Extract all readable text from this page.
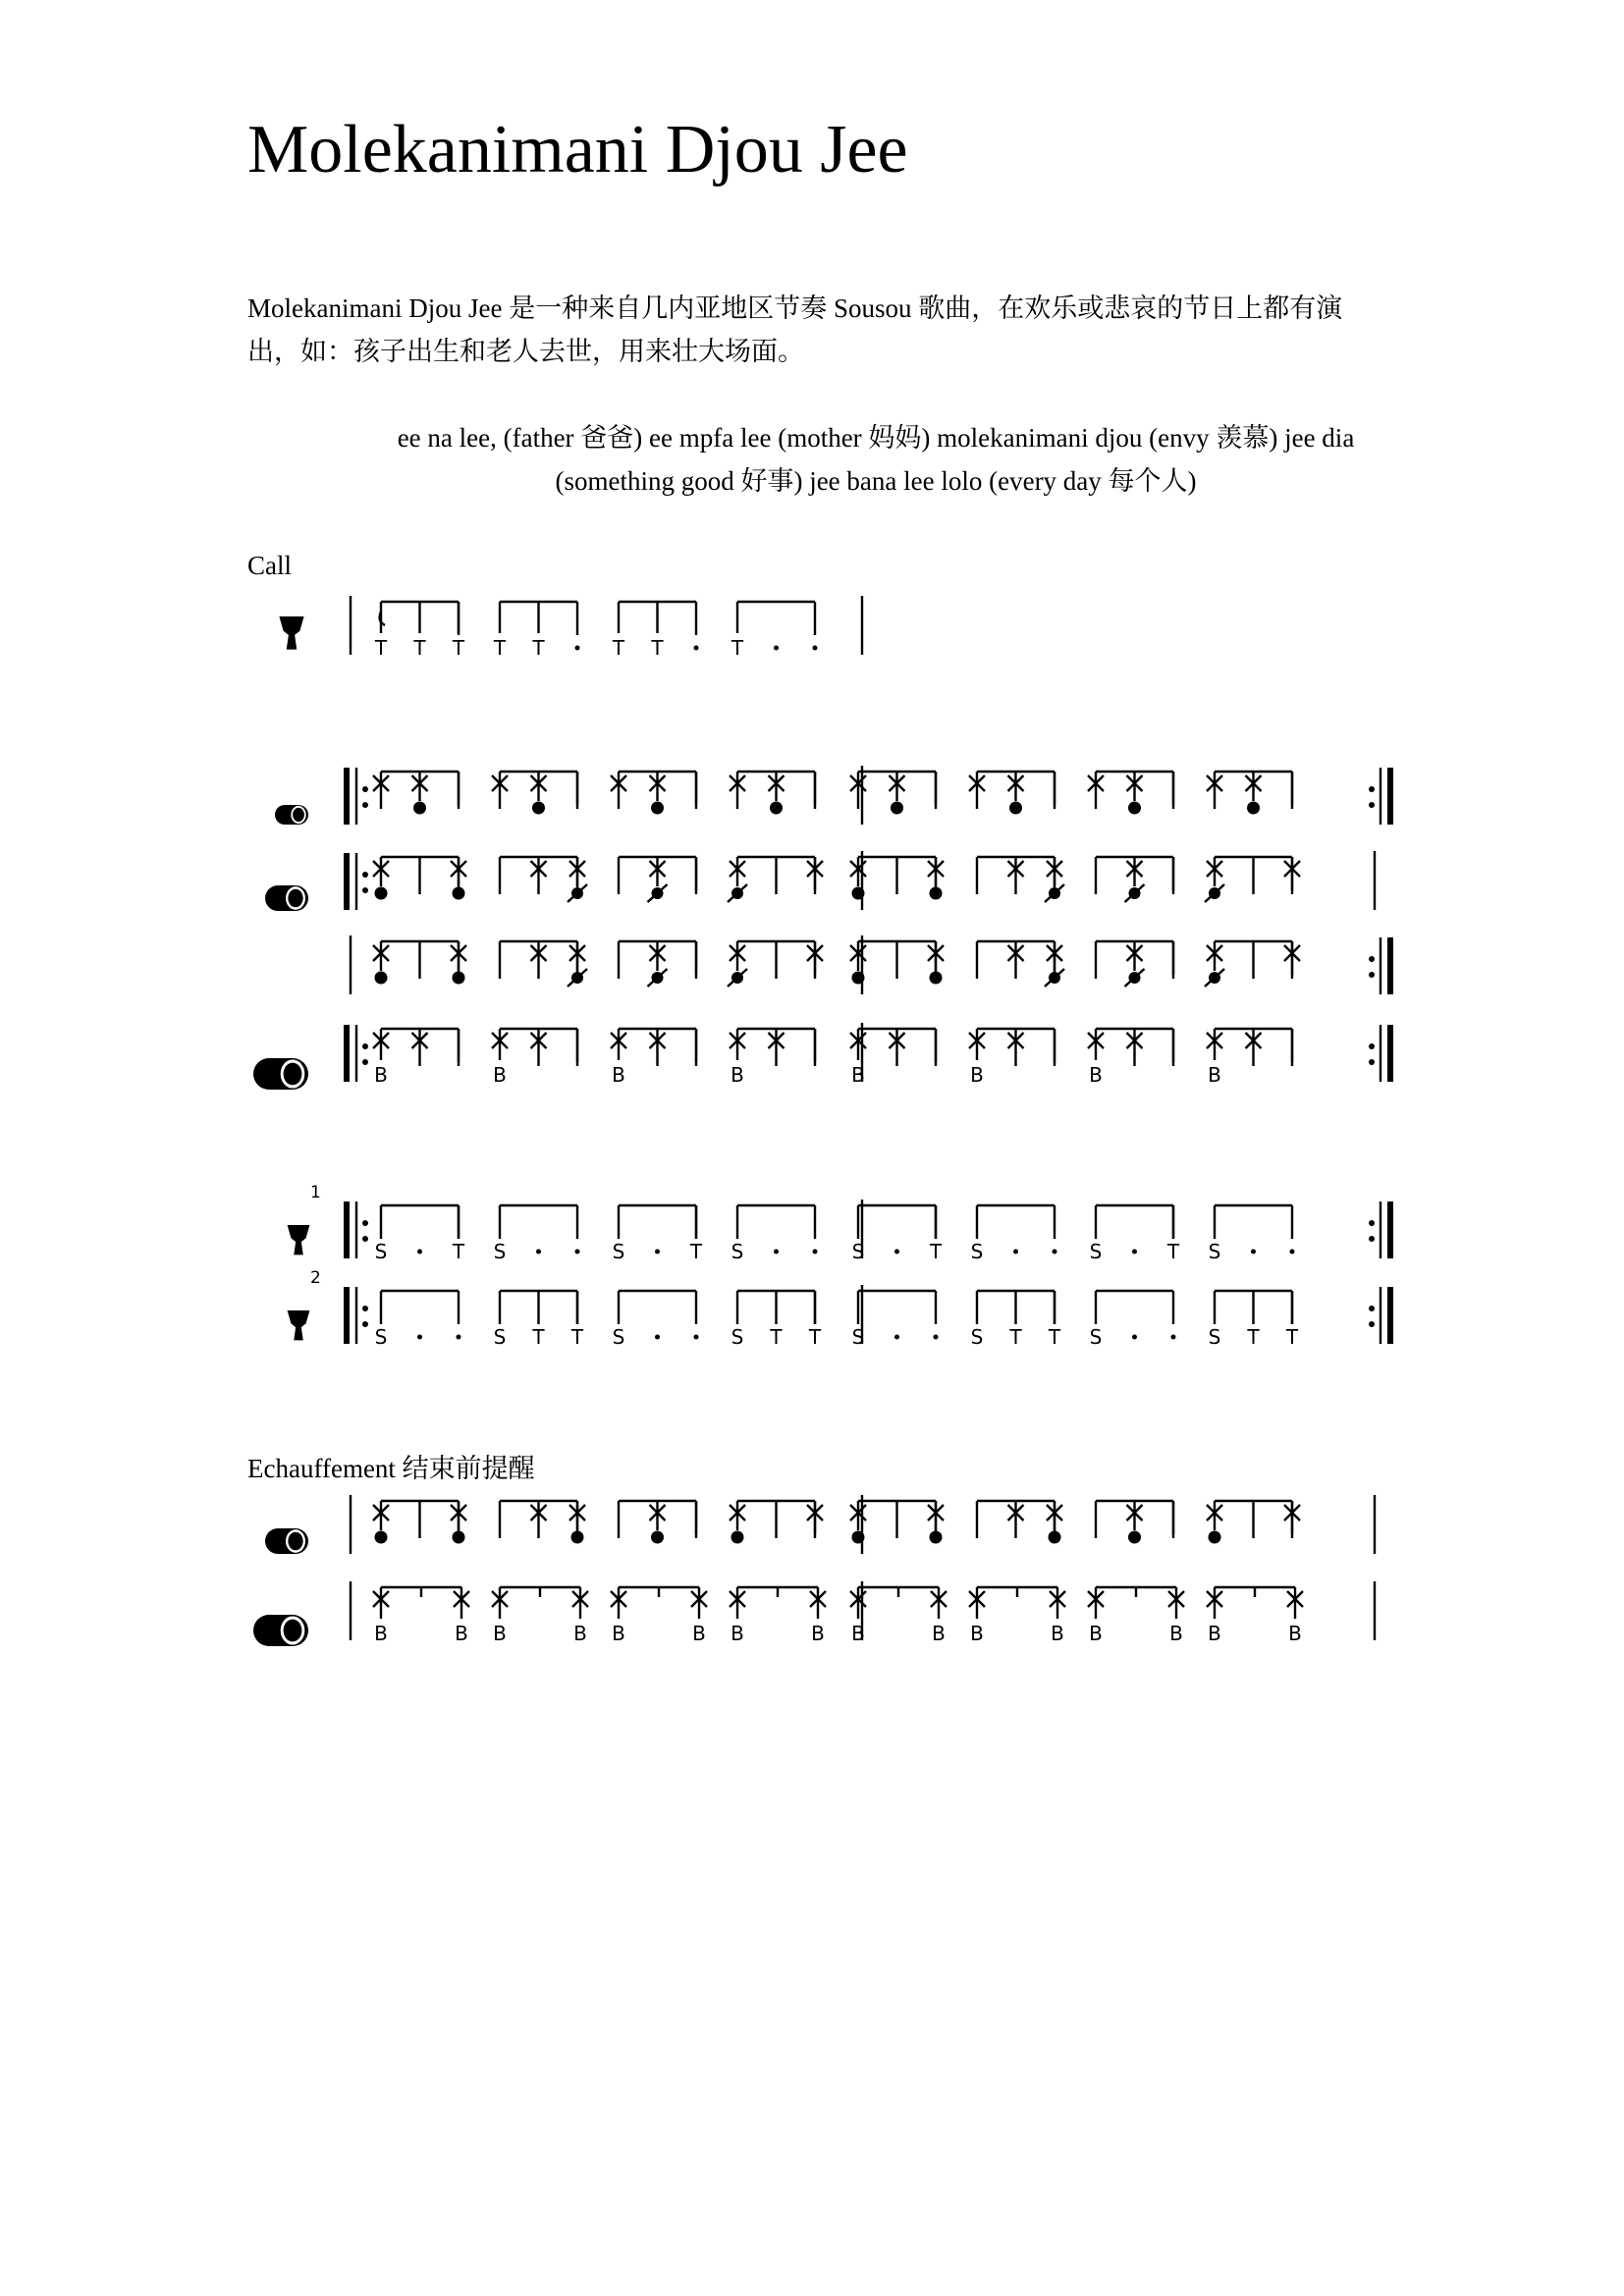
Molekanimani Djou Jee
Molekanimani Djou Jee 是一种来自几内亚地区节奏 Sousou 歌曲，在欢乐或悲哀的节日上都有演出，如：孩子出生和老人去世，用来壮大场面。
ee na lee, (father 爸爸) ee mpfa lee (mother 妈妈) molekanimani djou (envy 羡慕) jee dia (something good 好事) jee bana lee lolo (every day 每个人)
Call
Echauffement 结束前提醒
1
2
T T T T T	T T	T
B	B	B	B	B	B	B	B
S	T S	S	T S	S	T S	S	T S
S	S T T S	S T T S	S T T S	S T T
B	B B	B B	B B	B B	B B	B B	B B	B
